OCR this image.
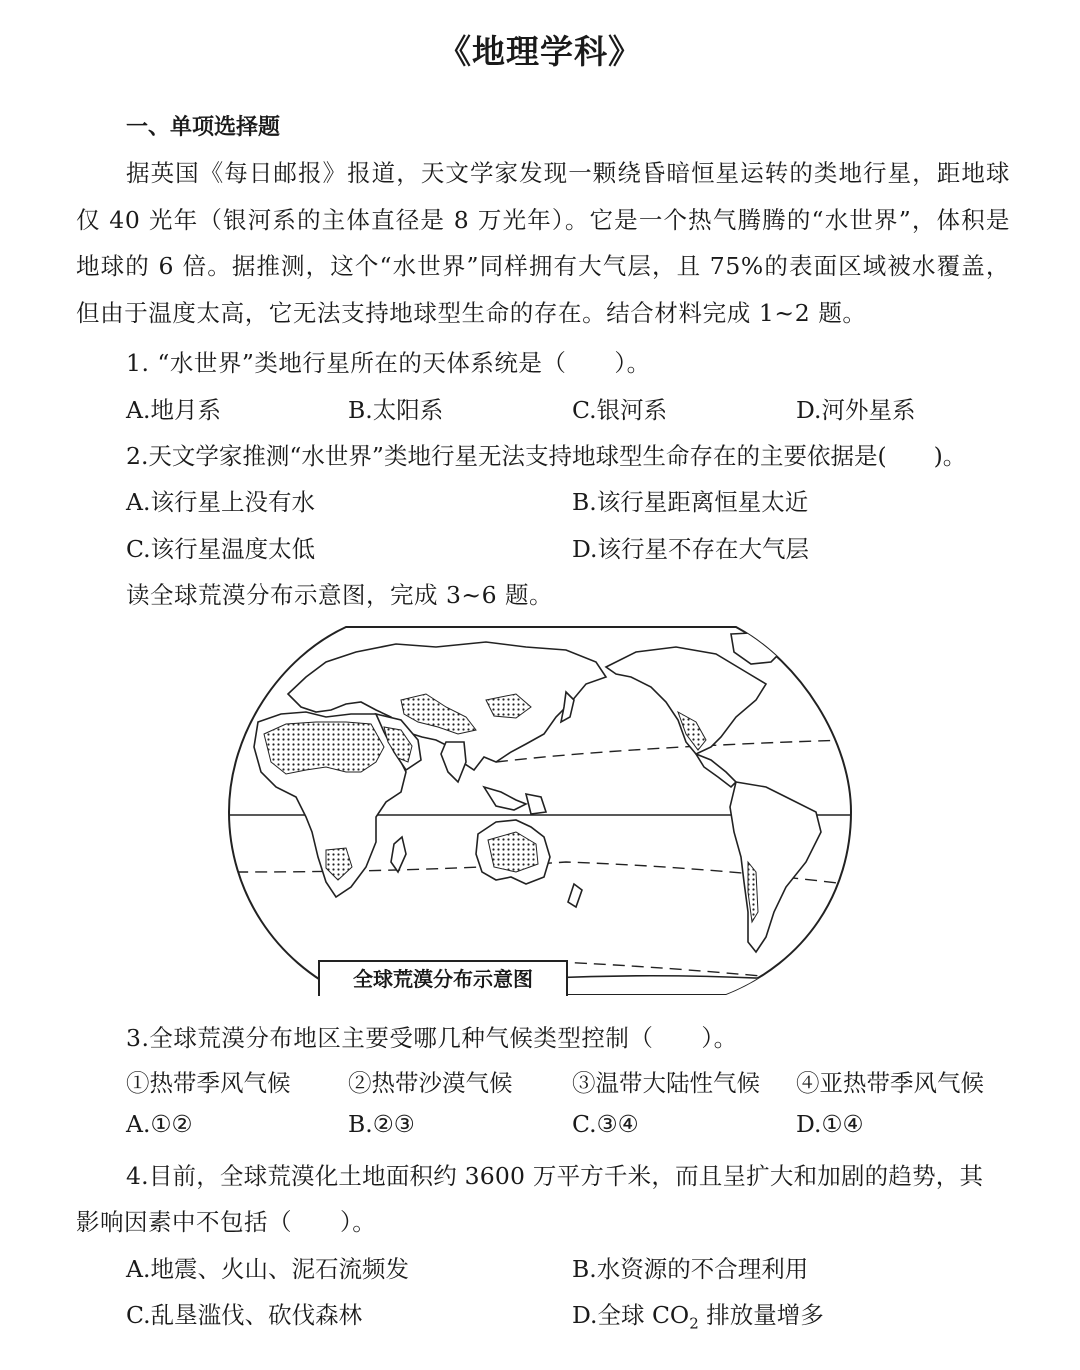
《地理学科》
一、单项选择题
据英国《每日邮报》报道，天文学家发现一颗绕昏暗恒星运转的类地行星，距地球仅 40 光年（银河系的主体直径是 8 万光年）。它是一个热气腾腾的“水世界”，体积是地球的 6 倍。据推测，这个“水世界”同样拥有大气层，且 75%的表面区域被水覆盖，但由于温度太高，它无法支持地球型生命的存在。结合材料完成 1~2 题。
1. “水世界”类地行星所在的天体系统是（　　）。
A.地月系	B.太阳系	C.银河系	D.河外星系
2.天文学家推测“水世界”类地行星无法支持地球型生命存在的主要依据是(　　)。
A.该行星上没有水	B.该行星距离恒星太近
C.该行星温度太低	D.该行星不存在大气层
读全球荒漠分布示意图，完成 3~6 题。
全球荒漠分布示意图
3.全球荒漠分布地区主要受哪几种气候类型控制（　　）。
①热带季风气候 ②热带沙漠气候	③温带大陆性气候 ④亚热带季风气候
A.①②	B.②③	C.③④	D.①④
4.目前，全球荒漠化土地面积约 3600 万平方千米，而且呈扩大和加剧的趋势，其
影响因素中不包括（　　）。
A.地震、火山、泥石流频发	B.水资源的不合理利用
C.乱垦滥伐、砍伐森林	D.全球 $CO_2$ 排放量增多
